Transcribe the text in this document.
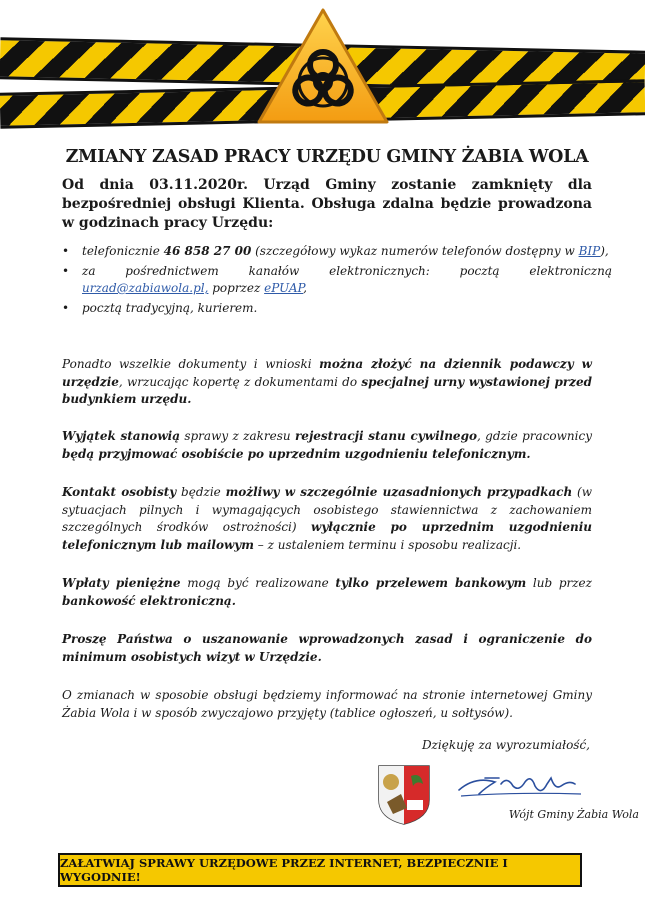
ZMIANY ZASAD PRACY URZĘDU GMINY ŻABIA WOLA

Od dnia 03.11.2020r. Urząd Gminy zostanie zamknięty dla bezpośredniej obsługi Klienta. Obsługa zdalna będzie prowadzona w godzinach pracy Urzędu:

• telefonicznie 46 858 27 00 (szczegółowy wykaz numerów telefonów dostępny w BIP),
• za pośrednictwem kanałów elektronicznych: pocztą elektroniczną urzad@zabiawola.pl, poprzez ePUAP,
• pocztą tradycyjną, kurierem.

Ponadto wszelkie dokumenty i wnioski można złożyć na dziennik podawczy w urzędzie, wrzucając kopertę z dokumentami do specjalnej urny wystawionej przed budynkiem urzędu.

Wyjątek stanowią sprawy z zakresu rejestracji stanu cywilnego, gdzie pracownicy będą przyjmować osobiście po uprzednim uzgodnieniu telefonicznym.

Kontakt osobisty będzie możliwy w szczególnie uzasadnionych przypadkach (w sytuacjach pilnych i wymagających osobistego stawiennictwa z zachowaniem szczególnych środków ostrożności) wyłącznie po uprzednim uzgodnieniu telefonicznym lub mailowym – z ustaleniem terminu i sposobu realizacji.

Wpłaty pieniężne mogą być realizowane tylko przelewem bankowym lub przez bankowość elektroniczną.

Proszę Państwa o uszanowanie wprowadzonych zasad i ograniczenie do minimum osobistych wizyt w Urzędzie.

O zmianach w sposobie obsługi będziemy informować na stronie internetowej Gminy Żabia Wola i w sposób zwyczajowo przyjęty (tablice ogłoszeń, u sołtysów).

Dziękuję za wyrozumiałość,

Wójt Gminy Żabia Wola

ZAŁATWIAJ SPRAWY URZĘDOWE PRZEZ INTERNET, BEZPIECZNIE I WYGODNIE!
